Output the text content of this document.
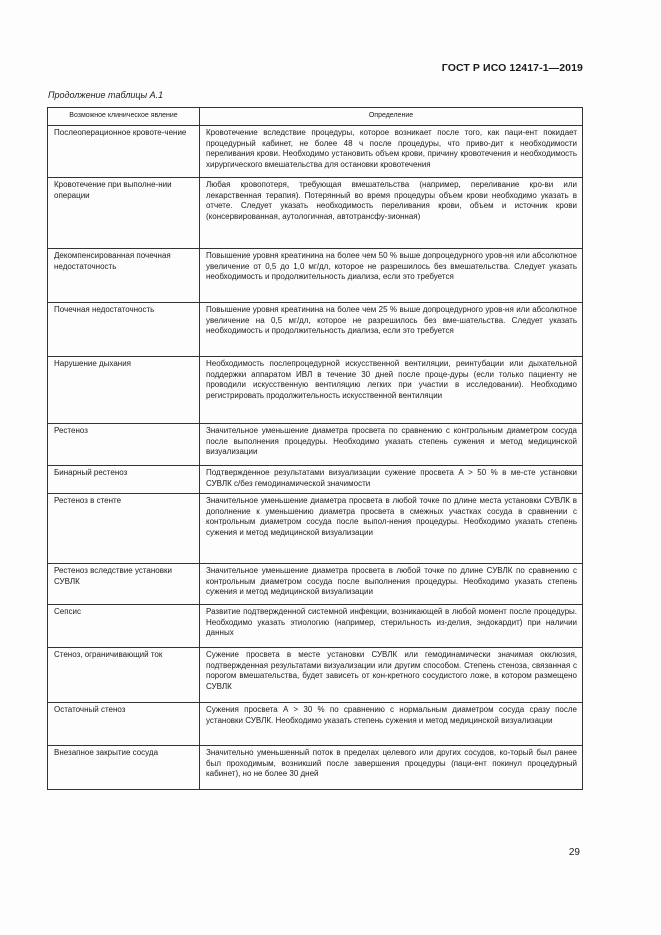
ГОСТ Р ИСО 12417-1—2019
Продолжение таблицы А.1
Возможное клиническое явление	Определение
Послеоперационное кровоте-чение	Кровотечение вследствие процедуры, которое возникает после того, как паци-ент покидает процедурный кабинет, не более 48 ч после процедуры, что приво-дит к необходимости переливания крови. Необходимо установить объем крови, причину кровотечения и необходимость хирургического вмешательства для остановки кровотечения
Кровотечение при выполне-нии операции	Любая кровопотеря, требующая вмешательства (например, переливание кро-ви или лекарственная терапия). Потерянный во время процедуры объем крови необходимо указать в отчете. Следует указать необходимость переливания крови, объем и источник крови (консервированная, аутологичная, автотрансфу-зионная)
Декомпенсированная почечная недостаточность	Повышение уровня креатинина на более чем 50 % выше допроцедурного уров-ня или абсолютное увеличение от 0,5 до 1,0 мг/дл, которое не разрешилось без вмешательства. Следует указать необходимость и продолжительность диализа, если это требуется
Почечная недостаточность	Повышение уровня креатинина на более чем 25 % выше допроцедурного уров-ня или абсолютное увеличение на 0,5 мг/дл, которое не разрешилось без вме-шательства. Следует указать необходимость и продолжительность диализа, если это требуется
Нарушение дыхания	Необходимость послепроцедурной искусственной вентиляции, реинтубации или дыхательной поддержки аппаратом ИВЛ в течение 30 дней после проце-дуры (если только пациенту не проводили искусственную вентиляцию легких при участии в исследовании). Необходимо регистрировать продолжительность искусственной вентиляции
Рестеноз	Значительное уменьшение диаметра просвета по сравнению с контрольным диаметром сосуда после выполнения процедуры. Необходимо указать степень сужения и метод медицинской визуализации
Бинарный рестеноз	Подтвержденное результатами визуализации сужение просвета А > 50 % в ме-сте установки СУВЛК с/без гемодинамической значимости
Рестеноз в стенте	Значительное уменьшение диаметра просвета в любой точке по длине места установки СУВЛК в дополнение к уменьшению диаметра просвета в смежных участках сосуда в сравнении с контрольным диаметром сосуда после выпол-нения процедуры. Необходимо указать степень сужения и метод медицинской визуализации
Рестеноз вследствие установки СУВЛК	Значительное уменьшение диаметра просвета в любой точке по длине СУВЛК по сравнению с контрольным диаметром сосуда после выполнения процедуры. Необходимо указать степень сужения и метод медицинской визуализации
Сепсис	Развитие подтвержденной системной инфекции, возникающей в любой момент после процедуры. Необходимо указать этиологию (например, стерильность из-делия, эндокардит) при наличии данных
Стеноз, ограничивающий ток	Сужение просвета в месте установки СУВЛК или гемодинамически значимая окклюзия, подтвержденная результатами визуализации или другим способом. Степень стеноза, связанная с порогом вмешательства, будет зависеть от кон-кретного сосудистого ложе, в котором размещено СУВЛК
Остаточный стеноз	Сужения просвета А > 30 % по сравнению с нормальным диаметром сосуда сразу после установки СУВЛК. Необходимо указать степень сужения и метод медицинской визуализации
Внезапное закрытие сосуда	Значительно уменьшенный поток в пределах целевого или других сосудов, ко-торый был ранее был проходимым, возникший после завершения процедуры (паци-ент покинул процедурный кабинет), но не более 30 дней
29
